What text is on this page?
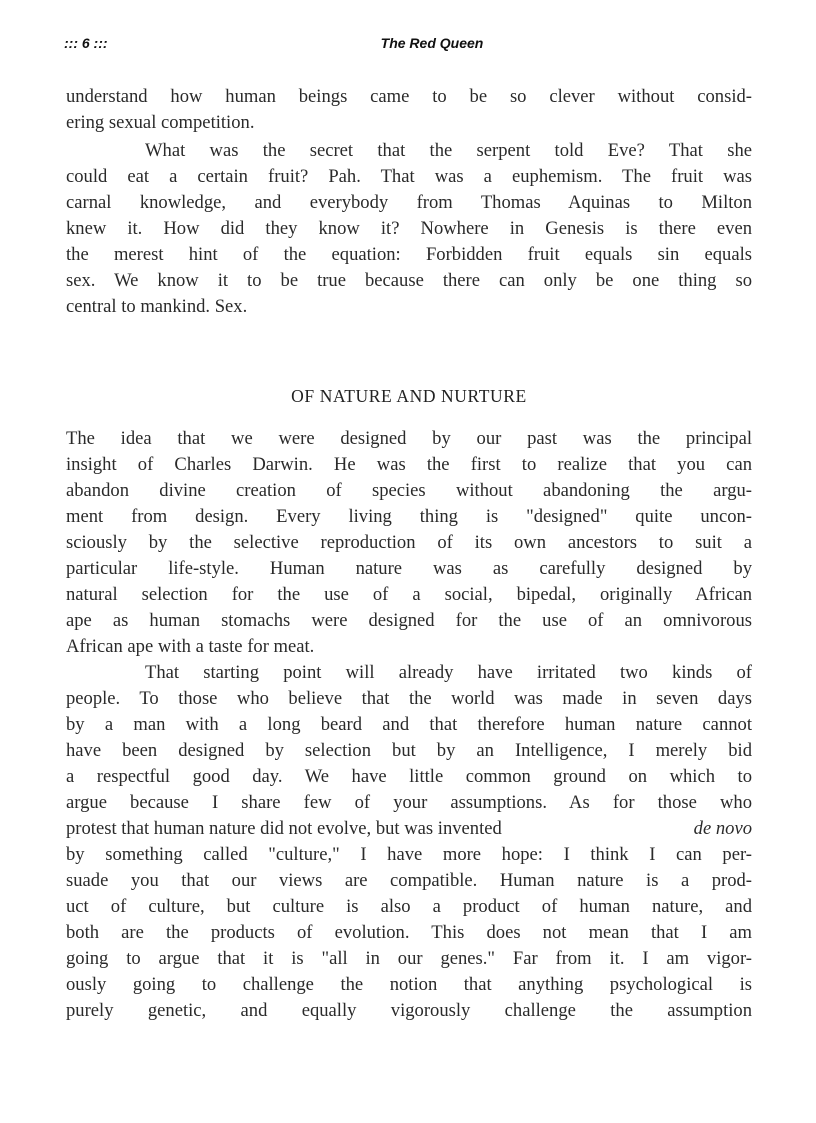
::: 6 :::	The Red Queen
understand how human beings came to be so clever without consid-
ering sexual competition.
What was the secret that the serpent told Eve? That she
could eat a certain fruit? Pah. That was a euphemism. The fruit was
carnal knowledge, and everybody from Thomas Aquinas to Milton
knew it. How did they know it? Nowhere in Genesis is there even
the merest hint of the equation: Forbidden fruit equals sin equals
sex. We know it to be true because there can only be one thing so
central to mankind. Sex.
OF NATURE AND NURTURE
The idea that we were designed by our past was the principal
insight of Charles Darwin. He was the first to realize that you can
abandon divine creation of species without abandoning the argu-
ment from design. Every living thing is "designed" quite uncon-
sciously by the selective reproduction of its own ancestors to suit a
particular life-style. Human nature was as carefully designed by
natural selection for the use of a social, bipedal, originally African
ape as human stomachs were designed for the use of an omnivorous
African ape with a taste for meat.
That starting point will already have irritated two kinds of
people. To those who believe that the world was made in seven days
by a man with a long beard and that therefore human nature cannot
have been designed by selection but by an Intelligence, I merely bid
a respectful good day. We have little common ground on which to
argue because I share few of your assumptions. As for those who
protest that human nature did not evolve, but was invented	de novo
by something called "culture," I have more hope: I think I can per-
suade you that our views are compatible. Human nature is a prod-
uct of culture, but culture is also a product of human nature, and
both are the products of evolution. This does not mean that I am
going to argue that it is "all in our genes." Far from it. I am vigor-
ously going to challenge the notion that anything psychological is
purely genetic, and equally vigorously challenge the assumption
